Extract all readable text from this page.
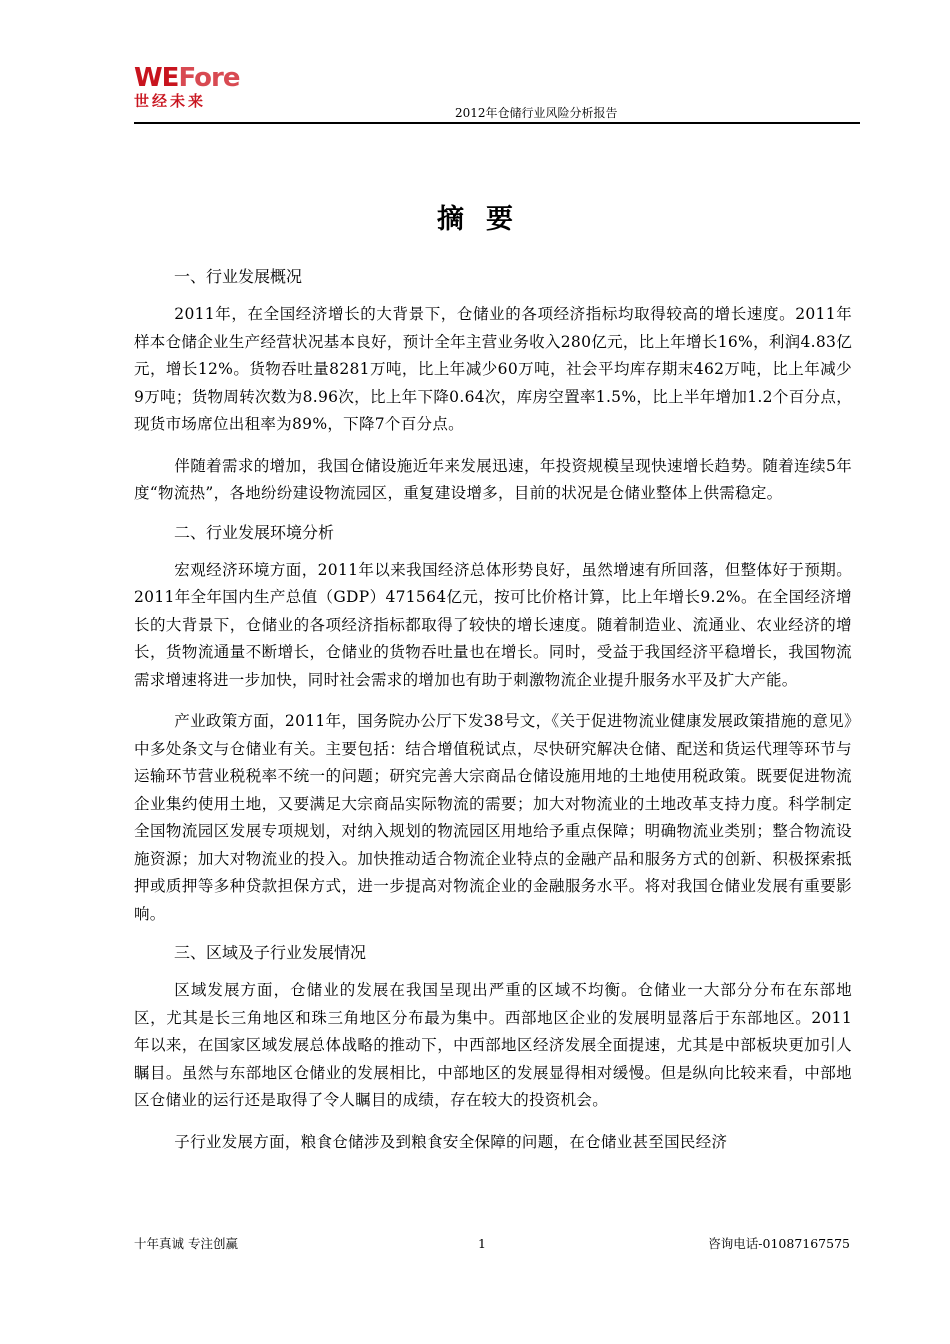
WEFore
世经未来
2012年仓储行业风险分析报告
摘要
一、行业发展概况

2011年，在全国经济增长的大背景下，仓储业的各项经济指标均取得较高的增长速度。2011年样本仓储企业生产经营状况基本良好，预计全年主营业务收入280亿元，比上年增长16%，利润4.83亿元，增长12%。货物吞吐量8281万吨，比上年减少60万吨，社会平均库存期末462万吨，比上年减少9万吨；货物周转次数为8.96次，比上年下降0.64次，库房空置率1.5%，比上半年增加1.2个百分点，现货市场席位出租率为89%，下降7个百分点。

伴随着需求的增加，我国仓储设施近年来发展迅速，年投资规模呈现快速增长趋势。随着连续5年度“物流热”，各地纷纷建设物流园区，重复建设增多，目前的状况是仓储业整体上供需稳定。

二、行业发展环境分析

宏观经济环境方面，2011年以来我国经济总体形势良好，虽然增速有所回落，但整体好于预期。2011年全年国内生产总值（GDP）471564亿元，按可比价格计算，比上年增长9.2%。在全国经济增长的大背景下，仓储业的各项经济指标都取得了较快的增长速度。随着制造业、流通业、农业经济的增长，货物流通量不断增长，仓储业的货物吞吐量也在增长。同时，受益于我国经济平稳增长，我国物流需求增速将进一步加快，同时社会需求的增加也有助于刺激物流企业提升服务水平及扩大产能。

产业政策方面，2011年，国务院办公厅下发38号文，《关于促进物流业健康发展政策措施的意见》中多处条文与仓储业有关。主要包括：结合增值税试点，尽快研究解决仓储、配送和货运代理等环节与运输环节营业税税率不统一的问题；研究完善大宗商品仓储设施用地的土地使用税政策。既要促进物流企业集约使用土地，又要满足大宗商品实际物流的需要；加大对物流业的土地改革支持力度。科学制定全国物流园区发展专项规划，对纳入规划的物流园区用地给予重点保障；明确物流业类别；整合物流设施资源；加大对物流业的投入。加快推动适合物流企业特点的金融产品和服务方式的创新、积极探索抵押或质押等多种贷款担保方式，进一步提高对物流企业的金融服务水平。将对我国仓储业发展有重要影响。

三、区域及子行业发展情况

区域发展方面，仓储业的发展在我国呈现出严重的区域不均衡。仓储业一大部分分布在东部地区，尤其是长三角地区和珠三角地区分布最为集中。西部地区企业的发展明显落后于东部地区。2011年以来，在国家区域发展总体战略的推动下，中西部地区经济发展全面提速，尤其是中部板块更加引人瞩目。虽然与东部地区仓储业的发展相比，中部地区的发展显得相对缓慢。但是纵向比较来看，中部地区仓储业的运行还是取得了令人瞩目的成绩，存在较大的投资机会。

子行业发展方面，粮食仓储涉及到粮食安全保障的问题，在仓储业甚至国民经济

十年真诚 专注创赢	1	咨询电话-01087167575
